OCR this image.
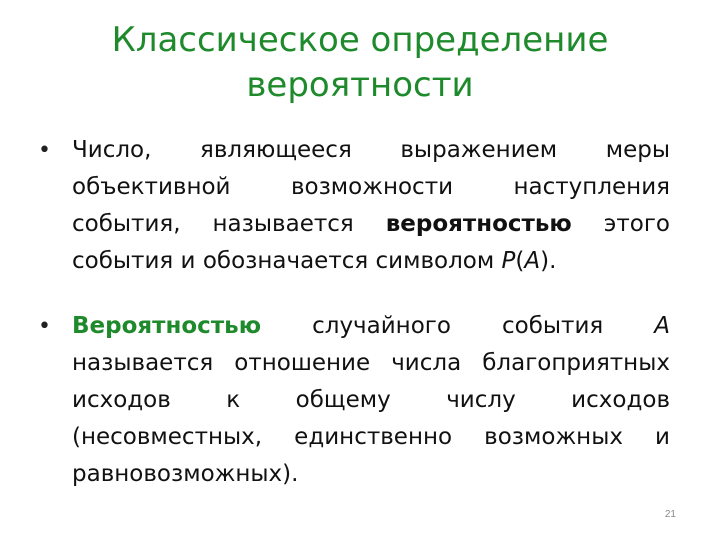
Классическое определение
вероятности
• Число, являющееся выражением меры объективной возможности наступления события, называется вероятностью этого события и обозначается символом P(A).
• Вероятностью случайного события A называется отношение числа благоприятных исходов к общему числу исходов (несовместных, единственно возможных и равновозможных).
21
